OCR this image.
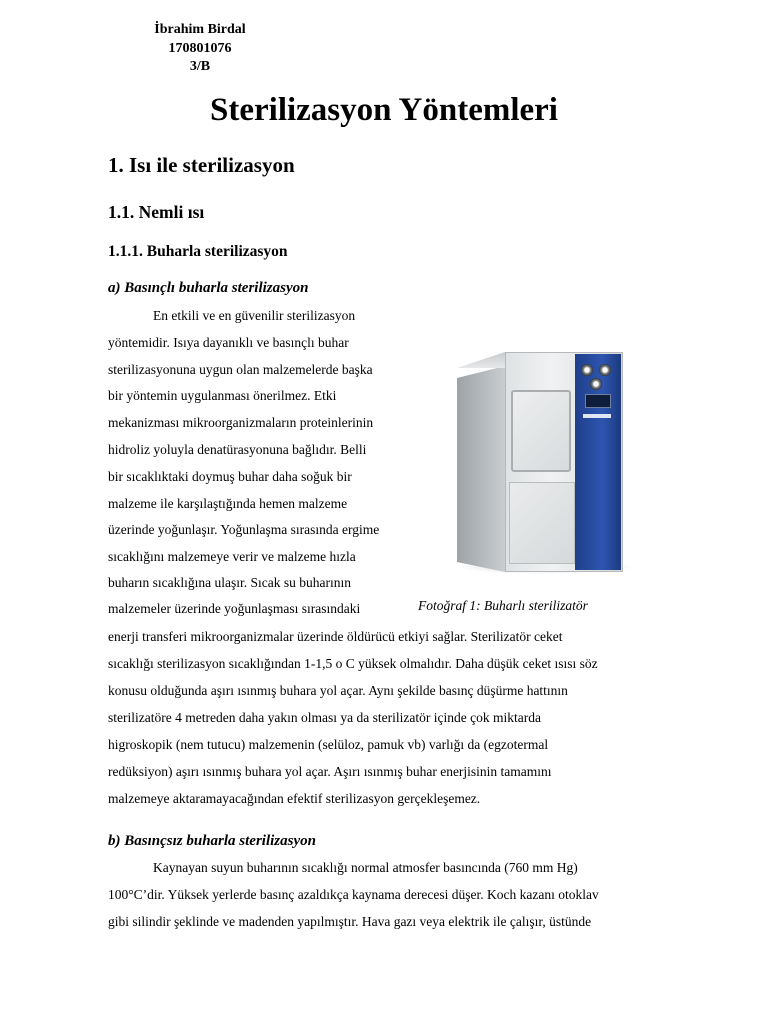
İbrahim Birdal
170801076
3/B
Sterilizasyon Yöntemleri
1. Isı ile sterilizasyon
1.1. Nemli ısı
1.1.1. Buharla sterilizasyon
a) Basınçlı buharla sterilizasyon
En etkili ve en güvenilir sterilizasyon
yöntemidir. Isıya dayanıklı ve basınçlı buhar
sterilizasyonuna uygun olan malzemelerde başka
bir yöntemin uygulanması önerilmez. Etki
mekanizması mikroorganizmaların proteinlerinin
hidroliz yoluyla denatürasyonuna bağlıdır. Belli
bir sıcaklıktaki doymuş buhar daha soğuk bir
malzeme ile karşılaştığında hemen malzeme
üzerinde yoğunlaşır. Yoğunlaşma sırasında ergime
sıcaklığını malzemeye verir ve malzeme hızla
buharın sıcaklığına ulaşır. Sıcak su buharının
malzemeler üzerinde yoğunlaşması sırasındaki
enerji transferi mikroorganizmalar üzerinde öldürücü etkiyi sağlar. Sterilizatör ceket
sıcaklığı sterilizasyon sıcaklığından 1-1,5 o C yüksek olmalıdır. Daha düşük ceket ısısı söz
konusu olduğunda aşırı ısınmış buhara yol açar. Aynı şekilde basınç düşürme hattının
sterilizatöre 4 metreden daha yakın olması ya da sterilizatör içinde çok miktarda
higroskopik (nem tutucu) malzemenin (selüloz, pamuk vb) varlığı da (egzotermal
redüksiyon) aşırı ısınmış buhara yol açar. Aşırı ısınmış buhar enerjisinin tamamını
malzemeye aktaramayacağından efektif sterilizasyon gerçekleşemez.
Fotoğraf 1: Buharlı sterilizatör
b) Basınçsız buharla sterilizasyon
Kaynayan suyun buharının sıcaklığı normal atmosfer basıncında (760 mm Hg)
100°C’dir. Yüksek yerlerde basınç azaldıkça kaynama derecesi düşer. Koch kazanı otoklav
gibi silindir şeklinde ve madenden yapılmıştır. Hava gazı veya elektrik ile çalışır, üstünde
